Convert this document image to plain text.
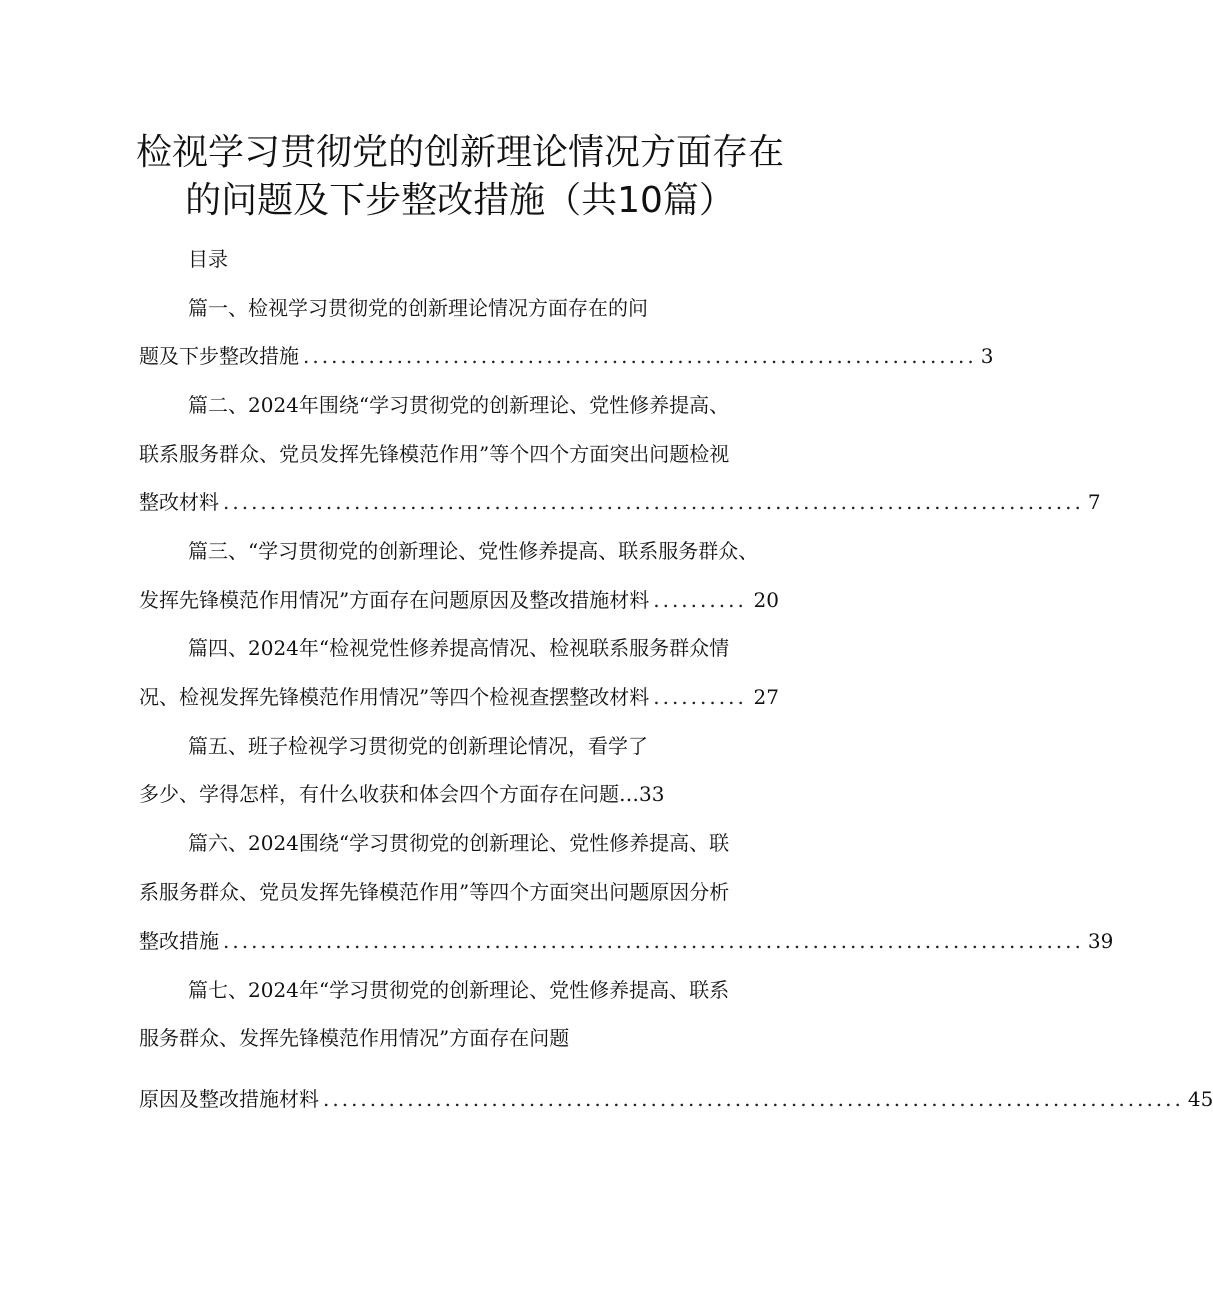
检视学习贯彻党的创新理论情况方面存在
的问题及下步整改措施（共10篇）
目录
篇一、检视学习贯彻党的创新理论情况方面存在的问
题及下步整改措施 ........................................................................ 3
篇二、2024年围绕“学习贯彻党的创新理论、党性修养提高、
联系服务群众、党员发挥先锋模范作用”等个四个方面突出问题检视
整改材料 ............................................................................................ 7
篇三、“学习贯彻党的创新理论、党性修养提高、联系服务群众、
发挥先锋模范作用情况”方面存在问题原因及整改措施材料 .......... 20
篇四、2024年“检视党性修养提高情况、检视联系服务群众情
况、检视发挥先锋模范作用情况”等四个检视查摆整改材料 .......... 27
篇五、班子检视学习贯彻党的创新理论情况，看学了
多少、学得怎样，有什么收获和体会四个方面存在问题… 33
篇六、2024围绕“学习贯彻党的创新理论、党性修养提高、联
系服务群众、党员发挥先锋模范作用”等四个方面突出问题原因分析
整改措施 ............................................................................................ 39
篇七、2024年“学习贯彻党的创新理论、党性修养提高、联系
服务群众、发挥先锋模范作用情况”方面存在问题
原因及整改措施材料 ............................................................................................ 45
